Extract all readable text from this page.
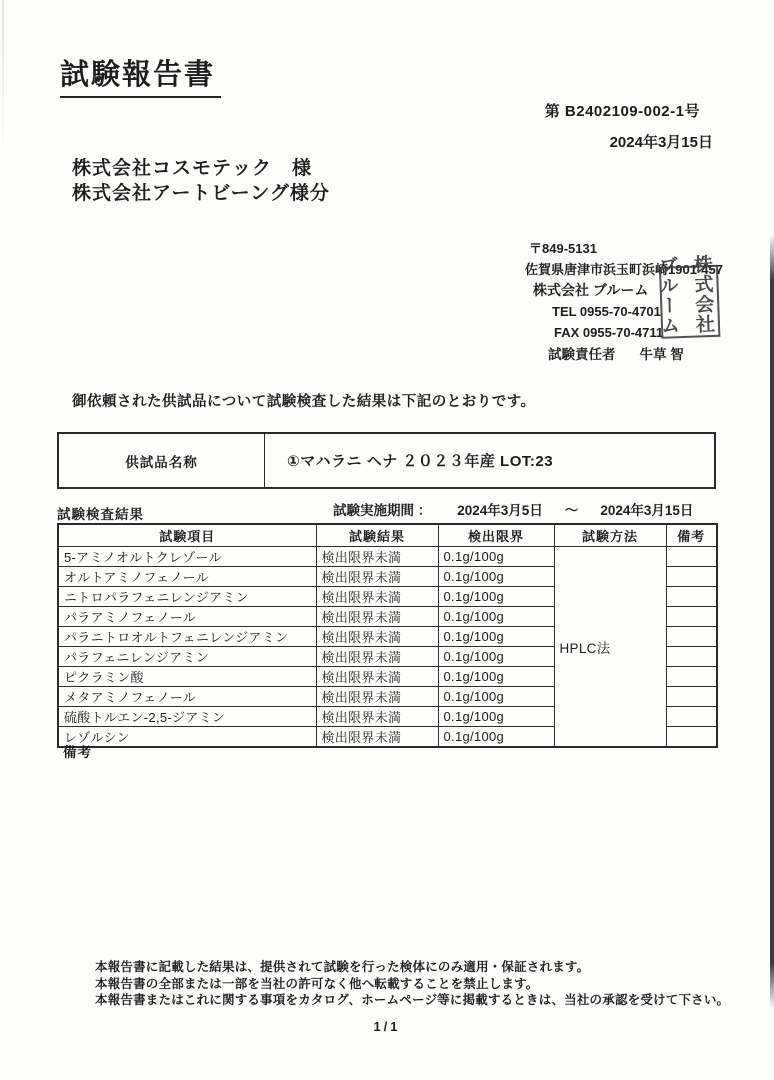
試験報告書
第 B2402109-002-1号
2024年3月15日
株式会社コスモテック　様
株式会社アートビーング様分
〒849-5131
佐賀県唐津市浜玉町浜崎1901-457
株式会社 ブルーム
TEL 0955-70-4701
FAX 0955-70-4711
試験責任者 牛草 智
株式会社 ブルーム
御依頼された供試品について試験検査した結果は下記のとおりです。
供試品名称	①マハラニ ヘナ ２０２３年産 LOT:23
試験検査結果	試験実施期間 ： 2024年3月5日 ～ 2024年3月15日
試験項目	試験結果	検出限界	試験方法	備考
5-アミノオルトクレゾール	検出限界未満	0.1g/100g	HPLC法	
オルトアミノフェノール	検出限界未満	0.1g/100g		
ニトロパラフェニレンジアミン	検出限界未満	0.1g/100g		
パラアミノフェノール	検出限界未満	0.1g/100g		
パラニトロオルトフェニレンジアミン	検出限界未満	0.1g/100g		
パラフェニレンジアミン	検出限界未満	0.1g/100g		
ピクラミン酸	検出限界未満	0.1g/100g		
メタアミノフェノール	検出限界未満	0.1g/100g		
硫酸トルエン-2,5-ジアミン	検出限界未満	0.1g/100g		
レゾルシン	検出限界未満	0.1g/100g		
備考
本報告書に記載した結果は、提供されて試験を行った検体にのみ適用・保証されます。
本報告書の全部または一部を当社の許可なく他へ転載することを禁止します。
本報告書またはこれに関する事項をカタログ、ホームページ等に掲載するときは、当社の承認を受けて下さい。
1/1
